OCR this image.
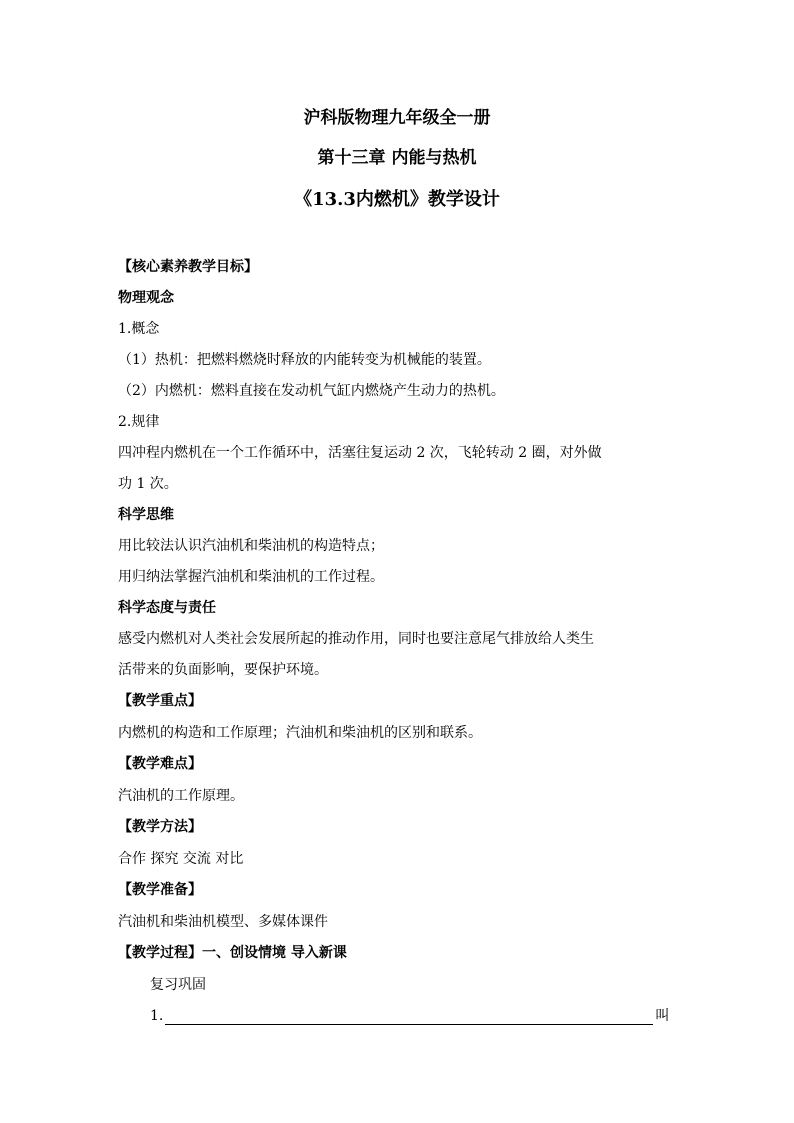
沪科版物理九年级全一册
第十三章 内能与热机
《13.3内燃机》教学设计
【核心素养教学目标】
物理观念
1.概念
（1）热机：把燃料燃烧时释放的内能转变为机械能的装置。
（2）内燃机：燃料直接在发动机气缸内燃烧产生动力的热机。
2.规律
四冲程内燃机在一个工作循环中，活塞往复运动 2 次，飞轮转动 2 圈，对外做
功 1 次。
科学思维
用比较法认识汽油机和柴油机的构造特点；
用归纳法掌握汽油机和柴油机的工作过程。
科学态度与责任
感受内燃机对人类社会发展所起的推动作用，同时也要注意尾气排放给人类生
活带来的负面影响，要保护环境。
【教学重点】
内燃机的构造和工作原理；汽油机和柴油机的区别和联系。
【教学难点】
汽油机的工作原理。
【教学方法】
合作 探究 交流 对比
【教学准备】
汽油机和柴油机模型、多媒体课件
【教学过程】一、创设情境 导入新课
复习巩固
1.	叫
